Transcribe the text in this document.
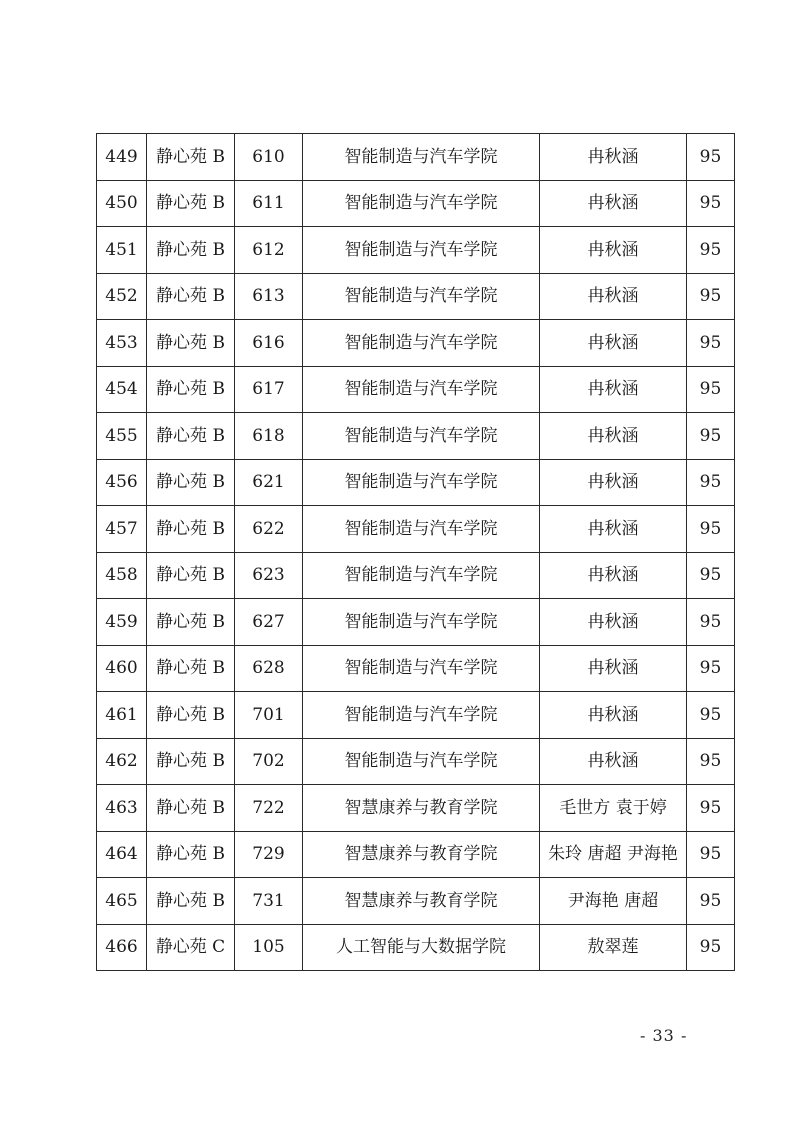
449	静心苑 B	610	智能制造与汽车学院	冉秋涵	95
450	静心苑 B	611	智能制造与汽车学院	冉秋涵	95
451	静心苑 B	612	智能制造与汽车学院	冉秋涵	95
452	静心苑 B	613	智能制造与汽车学院	冉秋涵	95
453	静心苑 B	616	智能制造与汽车学院	冉秋涵	95
454	静心苑 B	617	智能制造与汽车学院	冉秋涵	95
455	静心苑 B	618	智能制造与汽车学院	冉秋涵	95
456	静心苑 B	621	智能制造与汽车学院	冉秋涵	95
457	静心苑 B	622	智能制造与汽车学院	冉秋涵	95
458	静心苑 B	623	智能制造与汽车学院	冉秋涵	95
459	静心苑 B	627	智能制造与汽车学院	冉秋涵	95
460	静心苑 B	628	智能制造与汽车学院	冉秋涵	95
461	静心苑 B	701	智能制造与汽车学院	冉秋涵	95
462	静心苑 B	702	智能制造与汽车学院	冉秋涵	95
463	静心苑 B	722	智慧康养与教育学院	毛世方 袁于婷	95
464	静心苑 B	729	智慧康养与教育学院	朱玲 唐超 尹海艳	95
465	静心苑 B	731	智慧康养与教育学院	尹海艳 唐超	95
466	静心苑 C	105	人工智能与大数据学院	敖翠莲	95
- 33 -
